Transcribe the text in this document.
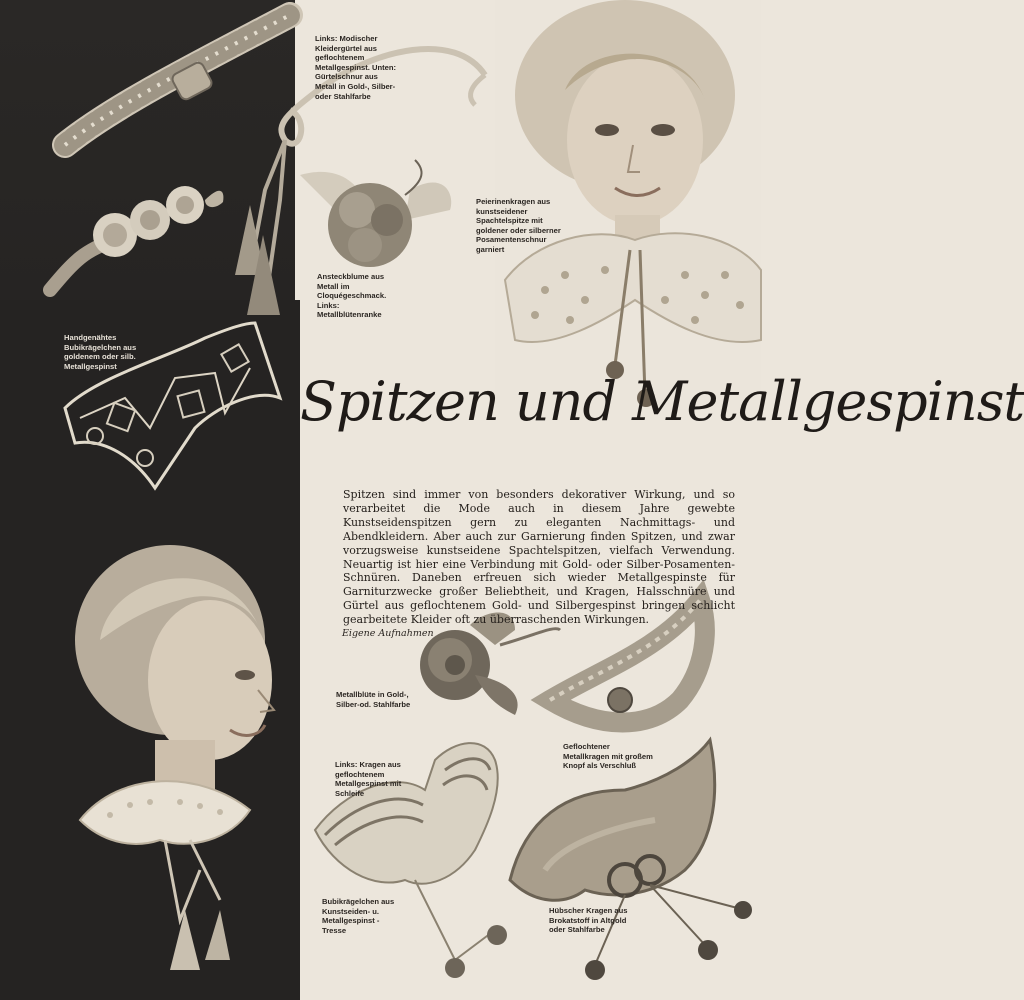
Spitzen und Metallgespinst
Spitzen sind immer von besonders dekorativer Wirkung, und so verarbeitet die Mode auch in diesem Jahre gewebte Kunstseidenspitzen gern zu eleganten Nachmittags- und Abendkleidern. Aber auch zur Garnierung finden Spitzen, und zwar vorzugsweise kunstseidene Spachtelspitzen, vielfach Verwendung. Neuartig ist hier eine Verbindung mit Gold- oder Silber-Posamenten-Schnüren. Daneben erfreuen sich wieder Metallgespinste für Garniturzwecke großer Beliebtheit, und Kragen, Halsschnüre und Gürtel aus geflochtenem Gold- und Silbergespinst bringen schlicht gearbeitete Kleider oft zu überraschenden Wirkungen.
Eigene Aufnahmen
Links: Modischer Kleidergürtel aus geflochtenem Metallgespinst. Unten: Gürtelschnur aus Metall in Gold-, Silber- oder Stahlfarbe
Peierinenkragen aus kunstseidener Spachtelspitze mit goldener oder silberner Posamentenschnur garniert
Ansteckblume aus Metall im Cloquégeschmack. Links: Metallblütenranke
Handgenähtes Bubikrägelchen aus goldenem oder silb. Metallgespinst
Metallblüte in Gold-, Silber-od. Stahlfarbe
Geflochtener Metallkragen mit großem Knopf als Verschluß
Links: Kragen aus geflochtenem Metallgespinst mit Schleife
Bubikrägelchen aus Kunstseiden- u. Metallgespinst - Tresse
Hübscher Kragen aus Brokatstoff in Altgold oder Stahlfarbe
